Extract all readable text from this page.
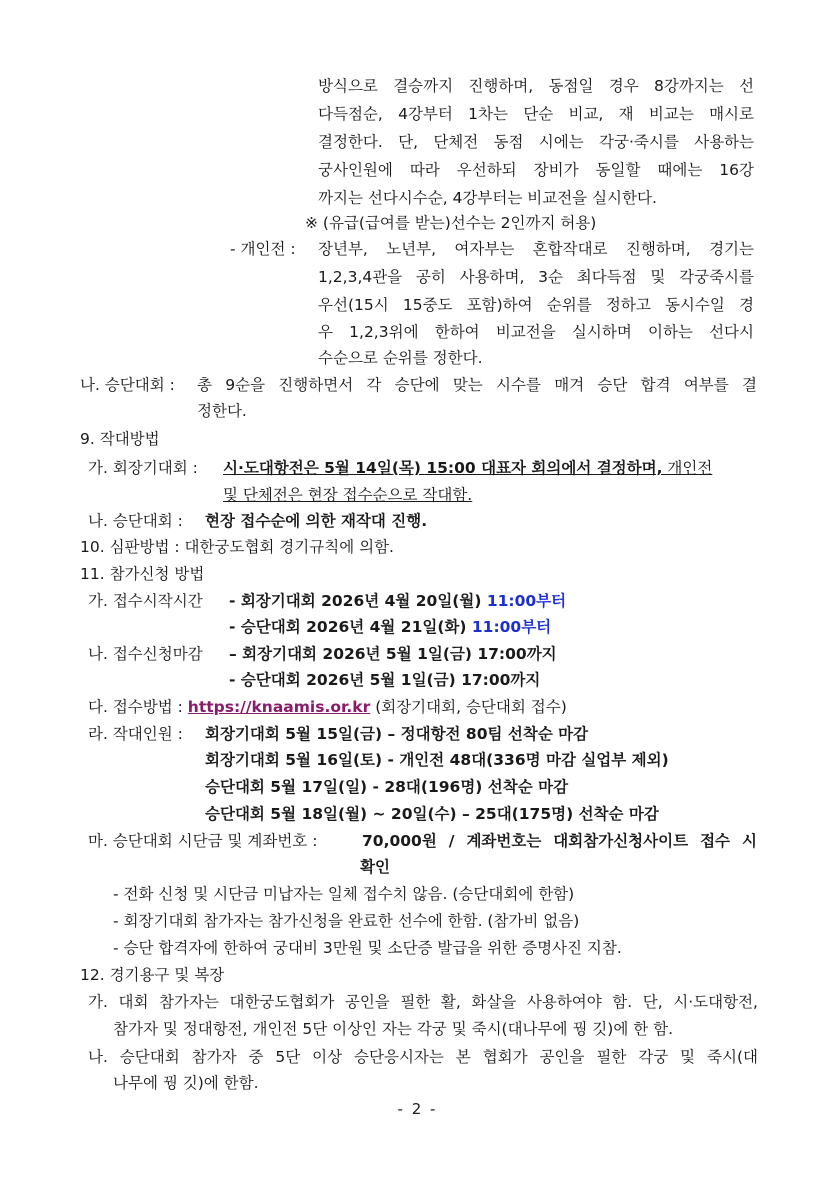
방식으로 결승까지 진행하며, 동점일 경우 8강까지는 선
다득점순, 4강부터 1차는 단순 비교, 재 비교는 매시로
결정한다. 단, 단체전 동점 시에는 각궁·죽시를 사용하는
궁사인원에 따라 우선하되 장비가 동일할 때에는 16강
까지는 선다시수순, 4강부터는 비교전을 실시한다.
※ (유급(급여를 받는)선수는 2인까지 허용)
- 개인전 : 장년부, 노년부, 여자부는 혼합작대로 진행하며, 경기는
1,2,3,4관을 공히 사용하며, 3순 최다득점 및 각궁죽시를
우선(15시 15중도 포함)하여 순위를 정하고 동시수일 경
우 1,2,3위에 한하여 비교전을 실시하며 이하는 선다시
수순으로 순위를 정한다.
나. 승단대회 : 총 9순을 진행하면서 각 승단에 맞는 시수를 매겨 승단 합격 여부를 결
정한다.
9. 작대방법
가. 회장기대회 : 시·도대항전은 5월 14일(목) 15:00 대표자 회의에서 결정하며, 개인전
및 단체전은 현장 접수순으로 작대함.
나. 승단대회 : 현장 접수순에 의한 재작대 진행.
10. 심판방법 : 대한궁도협회 경기규칙에 의함.
11. 참가신청 방법
가. 접수시작시간 - 회장기대회 2026년 4월 20일(월) 11:00부터
- 승단대회 2026년 4월 21일(화) 11:00부터
나. 접수신청마감 – 회장기대회 2026년 5월 1일(금) 17:00까지
- 승단대회 2026년 5월 1일(금) 17:00까지
다. 접수방법 : https://knaamis.or.kr (회장기대회, 승단대회 접수)
라. 작대인원 : 회장기대회 5월 15일(금) – 정대항전 80팀 선착순 마감
회장기대회 5월 16일(토) - 개인전 48대(336명 마감 실업부 제외)
승단대회 5월 17일(일) - 28대(196명) 선착순 마감
승단대회 5월 18일(월) ~ 20일(수) – 25대(175명) 선착순 마감
마. 승단대회 시단금 및 계좌번호 :	70,000원 / 계좌번호는 대회참가신청사이트 접수 시
확인
- 전화 신청 및 시단금 미납자는 일체 접수치 않음. (승단대회에 한함)
- 회장기대회 참가자는 참가신청을 완료한 선수에 한함. (참가비 없음)
- 승단 합격자에 한하여 궁대비 3만원 및 소단증 발급을 위한 증명사진 지참.
12. 경기용구 및 복장
가. 대회 참가자는 대한궁도협회가 공인을 필한 활, 화살을 사용하여야 함. 단, 시·도대항전,
참가자 및 정대항전, 개인전 5단 이상인 자는 각궁 및 죽시(대나무에 꿩 깃)에 한 함.
나. 승단대회 참가자 중 5단 이상 승단응시자는 본 협회가 공인을 필한 각궁 및 죽시(대
나무에 꿩 깃)에 한함.
- 2 -
